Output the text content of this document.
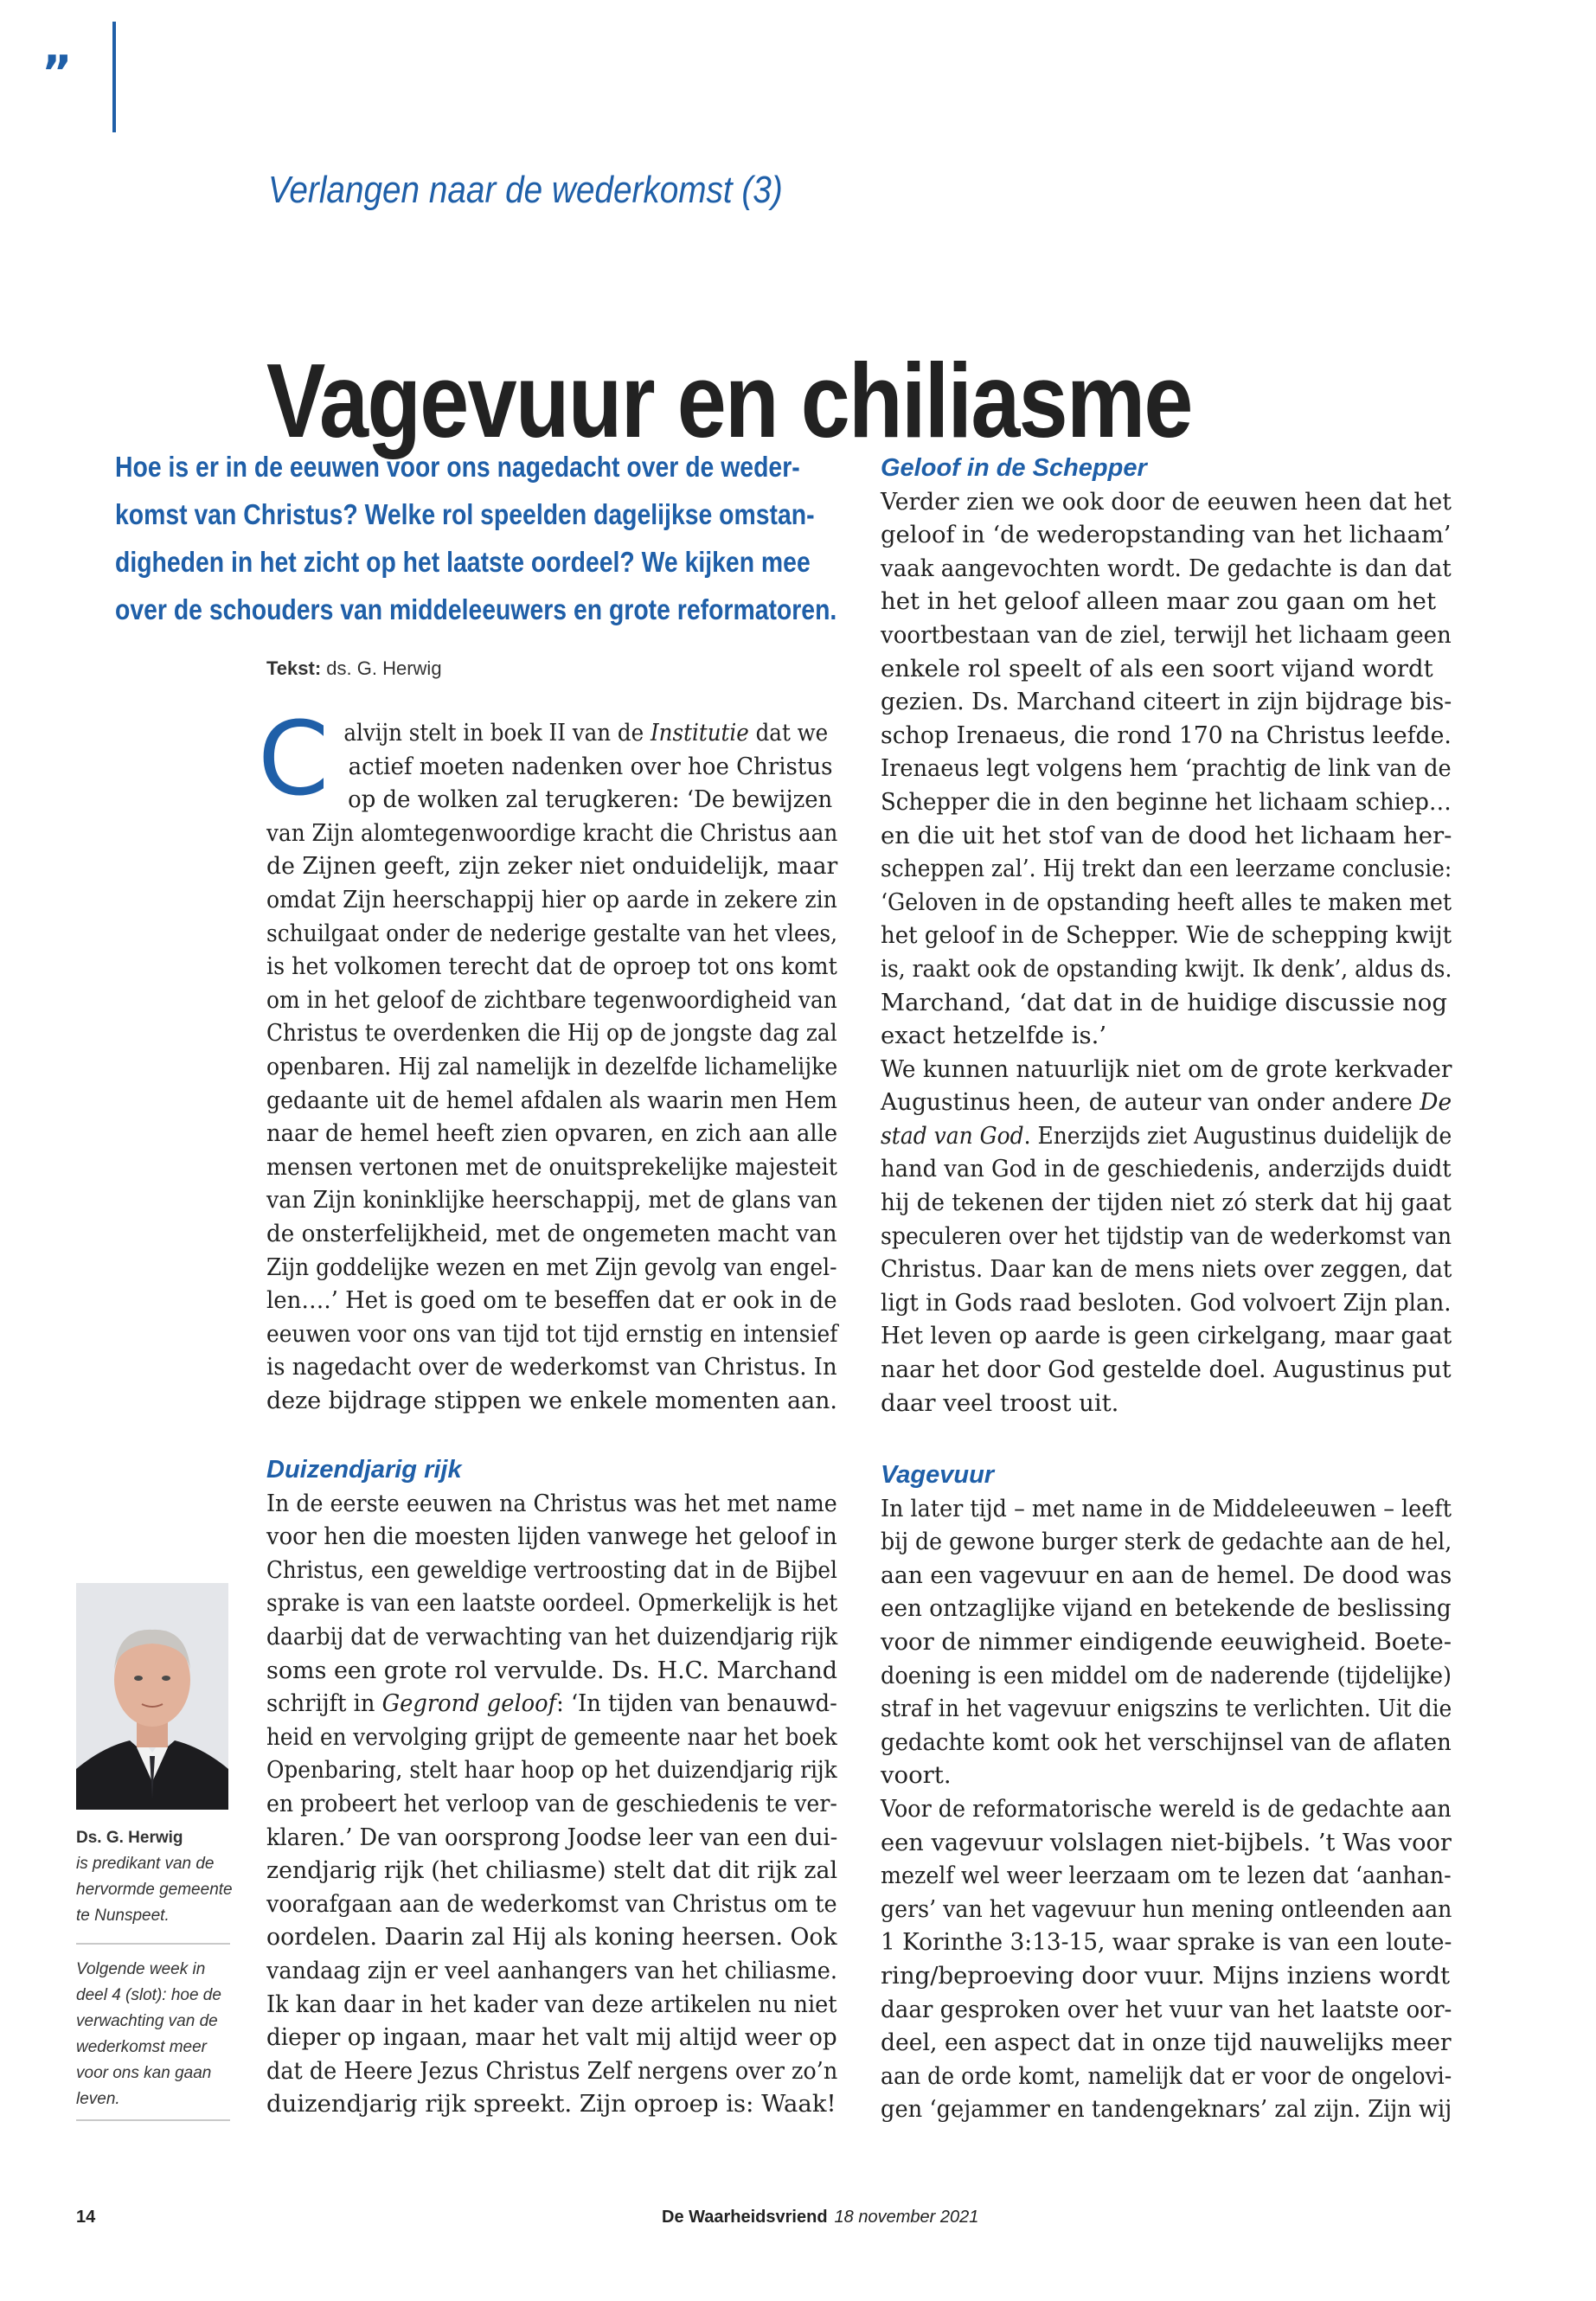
”
Verlangen naar de wederkomst (3)
Vagevuur en chiliasme
Hoe is er in de eeuwen voor ons nagedacht over de weder-
komst van Christus? Welke rol speelden dagelijkse omstan-
digheden in het zicht op het laatste oordeel? We kijken mee
over de schouders van middeleeuwers en grote reformatoren.
Tekst: ds. G. Herwig
C alvijn stelt in boek II van de Institutie dat we
actief moeten nadenken over hoe Christus
op de wolken zal terugkeren: ‘De bewijzen
van Zijn alomtegenwoordige kracht die Christus aan
de Zijnen geeft, zijn zeker niet onduidelijk, maar
omdat Zijn heerschappij hier op aarde in zekere zin
schuilgaat onder de nederige gestalte van het vlees,
is het volkomen terecht dat de oproep tot ons komt
om in het geloof de zichtbare tegenwoordigheid van
Christus te overdenken die Hij op de jongste dag zal
openbaren. Hij zal namelijk in dezelfde lichamelijke
gedaante uit de hemel afdalen als waarin men Hem
naar de hemel heeft zien opvaren, en zich aan alle
mensen vertonen met de onuitsprekelijke majesteit
van Zijn koninklijke heerschappij, met de glans van
de onsterfelijkheid, met de ongemeten macht van
Zijn goddelijke wezen en met Zijn gevolg van engel-
len….’ Het is goed om te beseffen dat er ook in de
eeuwen voor ons van tijd tot tijd ernstig en intensief
is nagedacht over de wederkomst van Christus. In
deze bijdrage stippen we enkele momenten aan.
Duizendjarig rijk
In de eerste eeuwen na Christus was het met name
voor hen die moesten lijden vanwege het geloof in
Christus, een geweldige vertroosting dat in de Bijbel
sprake is van een laatste oordeel. Opmerkelijk is het
daarbij dat de verwachting van het duizendjarig rijk
soms een grote rol vervulde. Ds. H.C. Marchand
schrijft in Gegrond geloof: ‘In tijden van benauwd-
heid en vervolging grijpt de gemeente naar het boek
Openbaring, stelt haar hoop op het duizendjarig rijk
en probeert het verloop van de geschiedenis te ver-
klaren.’ De van oorsprong Joodse leer van een dui-
zendjarig rijk (het chiliasme) stelt dat dit rijk zal
voorafgaan aan de wederkomst van Christus om te
oordelen. Daarin zal Hij als koning heersen. Ook
vandaag zijn er veel aanhangers van het chiliasme.
Ik kan daar in het kader van deze artikelen nu niet
dieper op ingaan, maar het valt mij altijd weer op
dat de Heere Jezus Christus Zelf nergens over zo’n
duizendjarig rijk spreekt. Zijn oproep is: Waak!
Geloof in de Schepper
Verder zien we ook door de eeuwen heen dat het
geloof in ‘de wederopstanding van het lichaam’
vaak aangevochten wordt. De gedachte is dan dat
het in het geloof alleen maar zou gaan om het
voortbestaan van de ziel, terwijl het lichaam geen
enkele rol speelt of als een soort vijand wordt
gezien. Ds. Marchand citeert in zijn bijdrage bis-
schop Irenaeus, die rond 170 na Christus leefde.
Irenaeus legt volgens hem ‘prachtig de link van de
Schepper die in den beginne het lichaam schiep…
en die uit het stof van de dood het lichaam her-
scheppen zal’. Hij trekt dan een leerzame conclusie:
‘Geloven in de opstanding heeft alles te maken met
het geloof in de Schepper. Wie de schepping kwijt
is, raakt ook de opstanding kwijt. Ik denk’, aldus ds.
Marchand, ‘dat dat in de huidige discussie nog
exact hetzelfde is.’
We kunnen natuurlijk niet om de grote kerkvader
Augustinus heen, de auteur van onder andere De
stad van God. Enerzijds ziet Augustinus duidelijk de
hand van God in de geschiedenis, anderzijds duidt
hij de tekenen der tijden niet zó sterk dat hij gaat
speculeren over het tijdstip van de wederkomst van
Christus. Daar kan de mens niets over zeggen, dat
ligt in Gods raad besloten. God volvoert Zijn plan.
Het leven op aarde is geen cirkelgang, maar gaat
naar het door God gestelde doel. Augustinus put
daar veel troost uit.
Vagevuur
In later tijd – met name in de Middeleeuwen – leeft
bij de gewone burger sterk de gedachte aan de hel,
aan een vagevuur en aan de hemel. De dood was
een ontzaglijke vijand en betekende de beslissing
voor de nimmer eindigende eeuwigheid. Boete-
doening is een middel om de naderende (tijdelijke)
straf in het vagevuur enigszins te verlichten. Uit die
gedachte komt ook het verschijnsel van de aflaten
voort.
Voor de reformatorische wereld is de gedachte aan
een vagevuur volslagen niet-bijbels. ’t Was voor
mezelf wel weer leerzaam om te lezen dat ‘aanhan-
gers’ van het vagevuur hun mening ontleenden aan
1 Korinthe 3:13-15, waar sprake is van een loute-
ring/beproeving door vuur. Mijns inziens wordt
daar gesproken over het vuur van het laatste oor-
deel, een aspect dat in onze tijd nauwelijks meer
aan de orde komt, namelijk dat er voor de ongelovi-
gen ‘gejammer en tandengeknars’ zal zijn. Zijn wij
Ds. G. Herwig
is predikant van de
hervormde gemeente
te Nunspeet.
Volgende week in
deel 4 (slot): hoe de
verwachting van de
wederkomst meer
voor ons kan gaan
leven.
14	De Waarheidsvriend 18 november 2021
